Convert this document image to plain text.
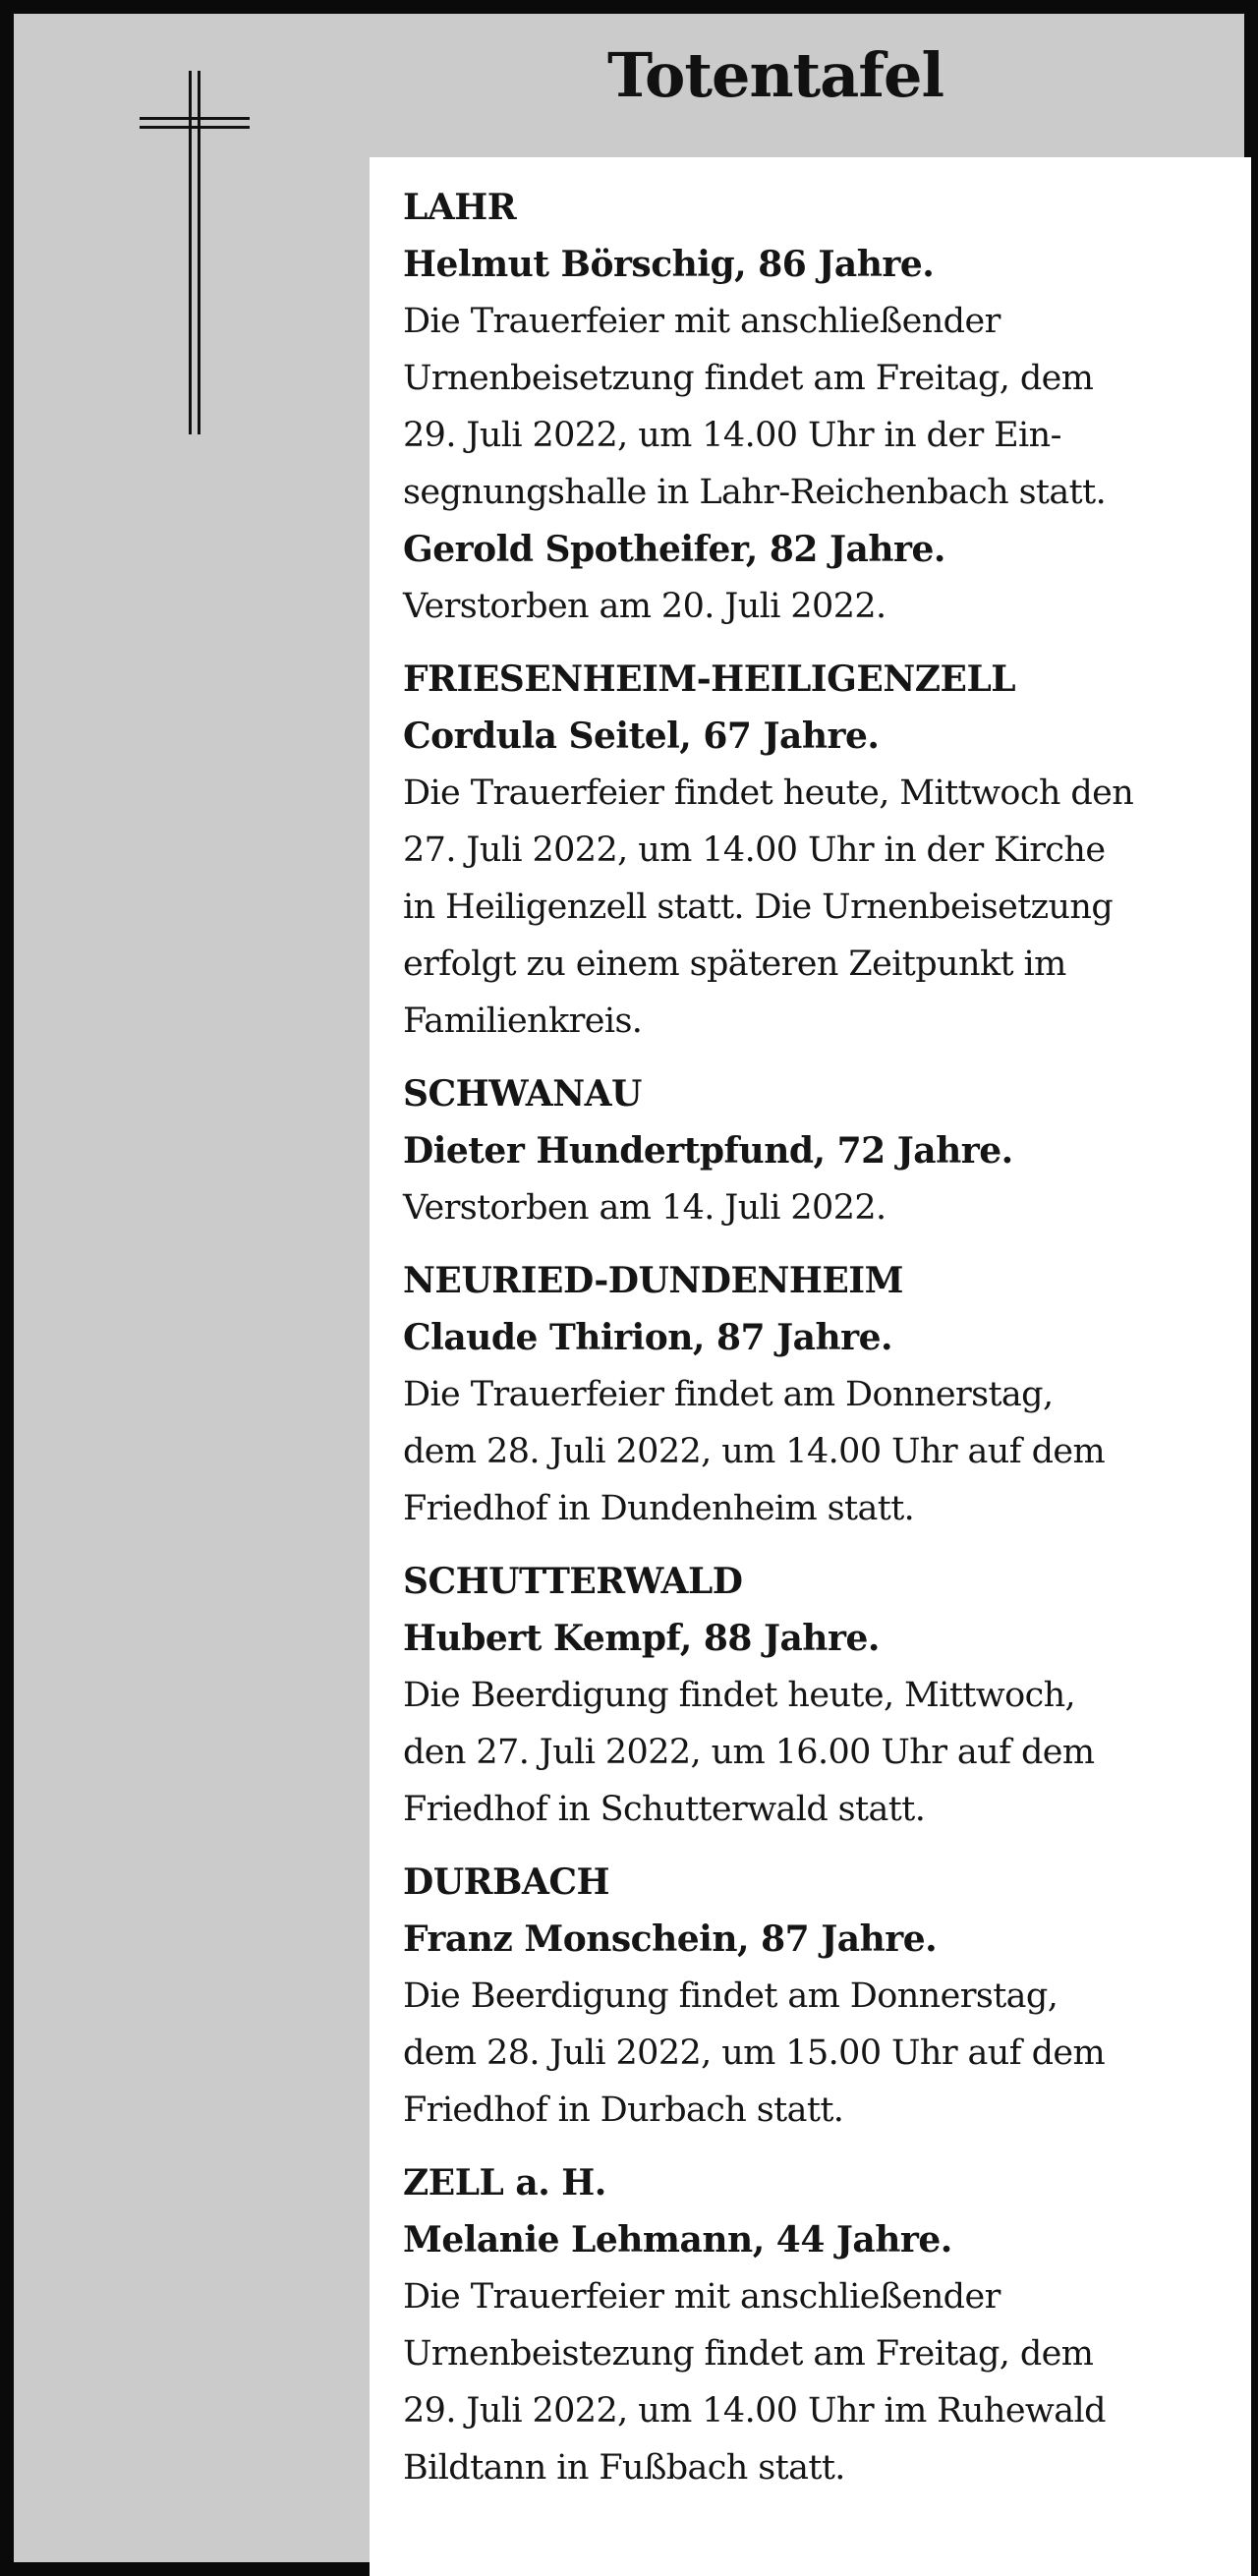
Totentafel
LAHR
Helmut Börschig, 86 Jahre.
Die Trauerfeier mit anschließender
Urnenbeisetzung findet am Freitag, dem
29. Juli 2022, um 14.00 Uhr in der Ein-
segnungshalle in Lahr-Reichenbach statt.
Gerold Spotheifer, 82 Jahre.
Verstorben am 20. Juli 2022.
FRIESENHEIM-HEILIGENZELL
Cordula Seitel, 67 Jahre.
Die Trauerfeier findet heute, Mittwoch den
27. Juli 2022, um 14.00 Uhr in der Kirche
in Heiligenzell statt. Die Urnenbeisetzung
erfolgt zu einem späteren Zeitpunkt im
Familienkreis.
SCHWANAU
Dieter Hundertpfund, 72 Jahre.
Verstorben am 14. Juli 2022.
NEURIED-DUNDENHEIM
Claude Thirion, 87 Jahre.
Die Trauerfeier findet am Donnerstag,
dem 28. Juli 2022, um 14.00 Uhr auf dem
Friedhof in Dundenheim statt.
SCHUTTERWALD
Hubert Kempf, 88 Jahre.
Die Beerdigung findet heute, Mittwoch,
den 27. Juli 2022, um 16.00 Uhr auf dem
Friedhof in Schutterwald statt.
DURBACH
Franz Monschein, 87 Jahre.
Die Beerdigung findet am Donnerstag,
dem 28. Juli 2022, um 15.00 Uhr auf dem
Friedhof in Durbach statt.
ZELL a. H.
Melanie Lehmann, 44 Jahre.
Die Trauerfeier mit anschließender
Urnenbeistezung findet am Freitag, dem
29. Juli 2022, um 14.00 Uhr im Ruhewald
Bildtann in Fußbach statt.
